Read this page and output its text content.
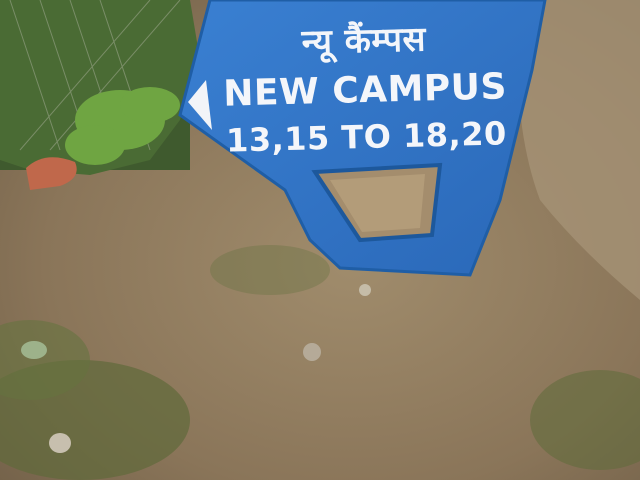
न्यू कैंम्पस
NEW CAMPUS
13,15 TO 18,20
